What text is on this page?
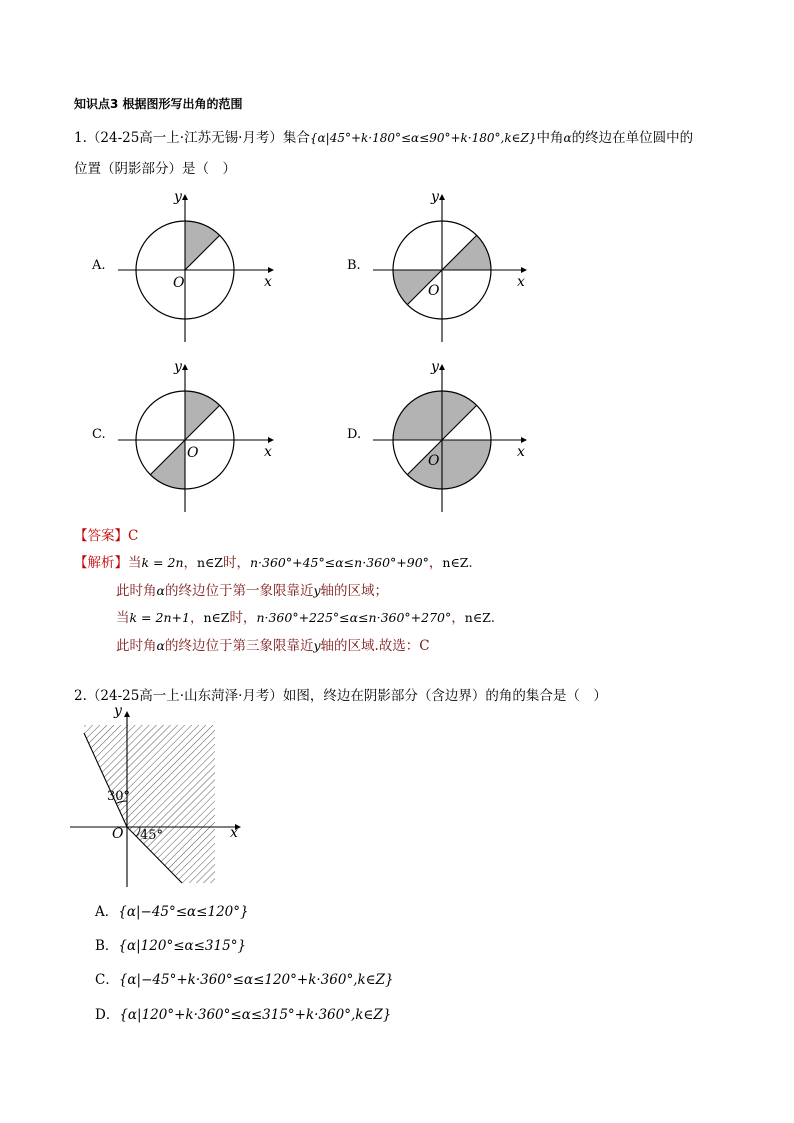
知识点3 根据图形写出角的范围
1.（24-25高一上·江苏无锡·月考）集合{α|45°+k·180°≤α≤90°+k·180°,k∈Z}中角α的终边在单位圆中的
位置（阴影部分）是（　）
A.
y
x
O
B.
y
x
O
C.
y
x
O
D.
y
x
O
【答案】C
【解析】当k = 2n，n∈Z时，n·360°+45°≤α≤n·360°+90°，n∈Z.
此时角α的终边位于第一象限靠近y轴的区域；
当k = 2n+1，n∈Z时，n·360°+225°≤α≤n·360°+270°，n∈Z.
此时角α的终边位于第三象限靠近y轴的区域.故选：C
2.（24-25高一上·山东菏泽·月考）如图，终边在阴影部分（含边界）的角的集合是（　）
y
x
O
30°
45°
A．{α|−45°≤α≤120°}
B．{α|120°≤α≤315°}
C．{α|−45°+k·360°≤α≤120°+k·360°,k∈Z}
D．{α|120°+k·360°≤α≤315°+k·360°,k∈Z}
